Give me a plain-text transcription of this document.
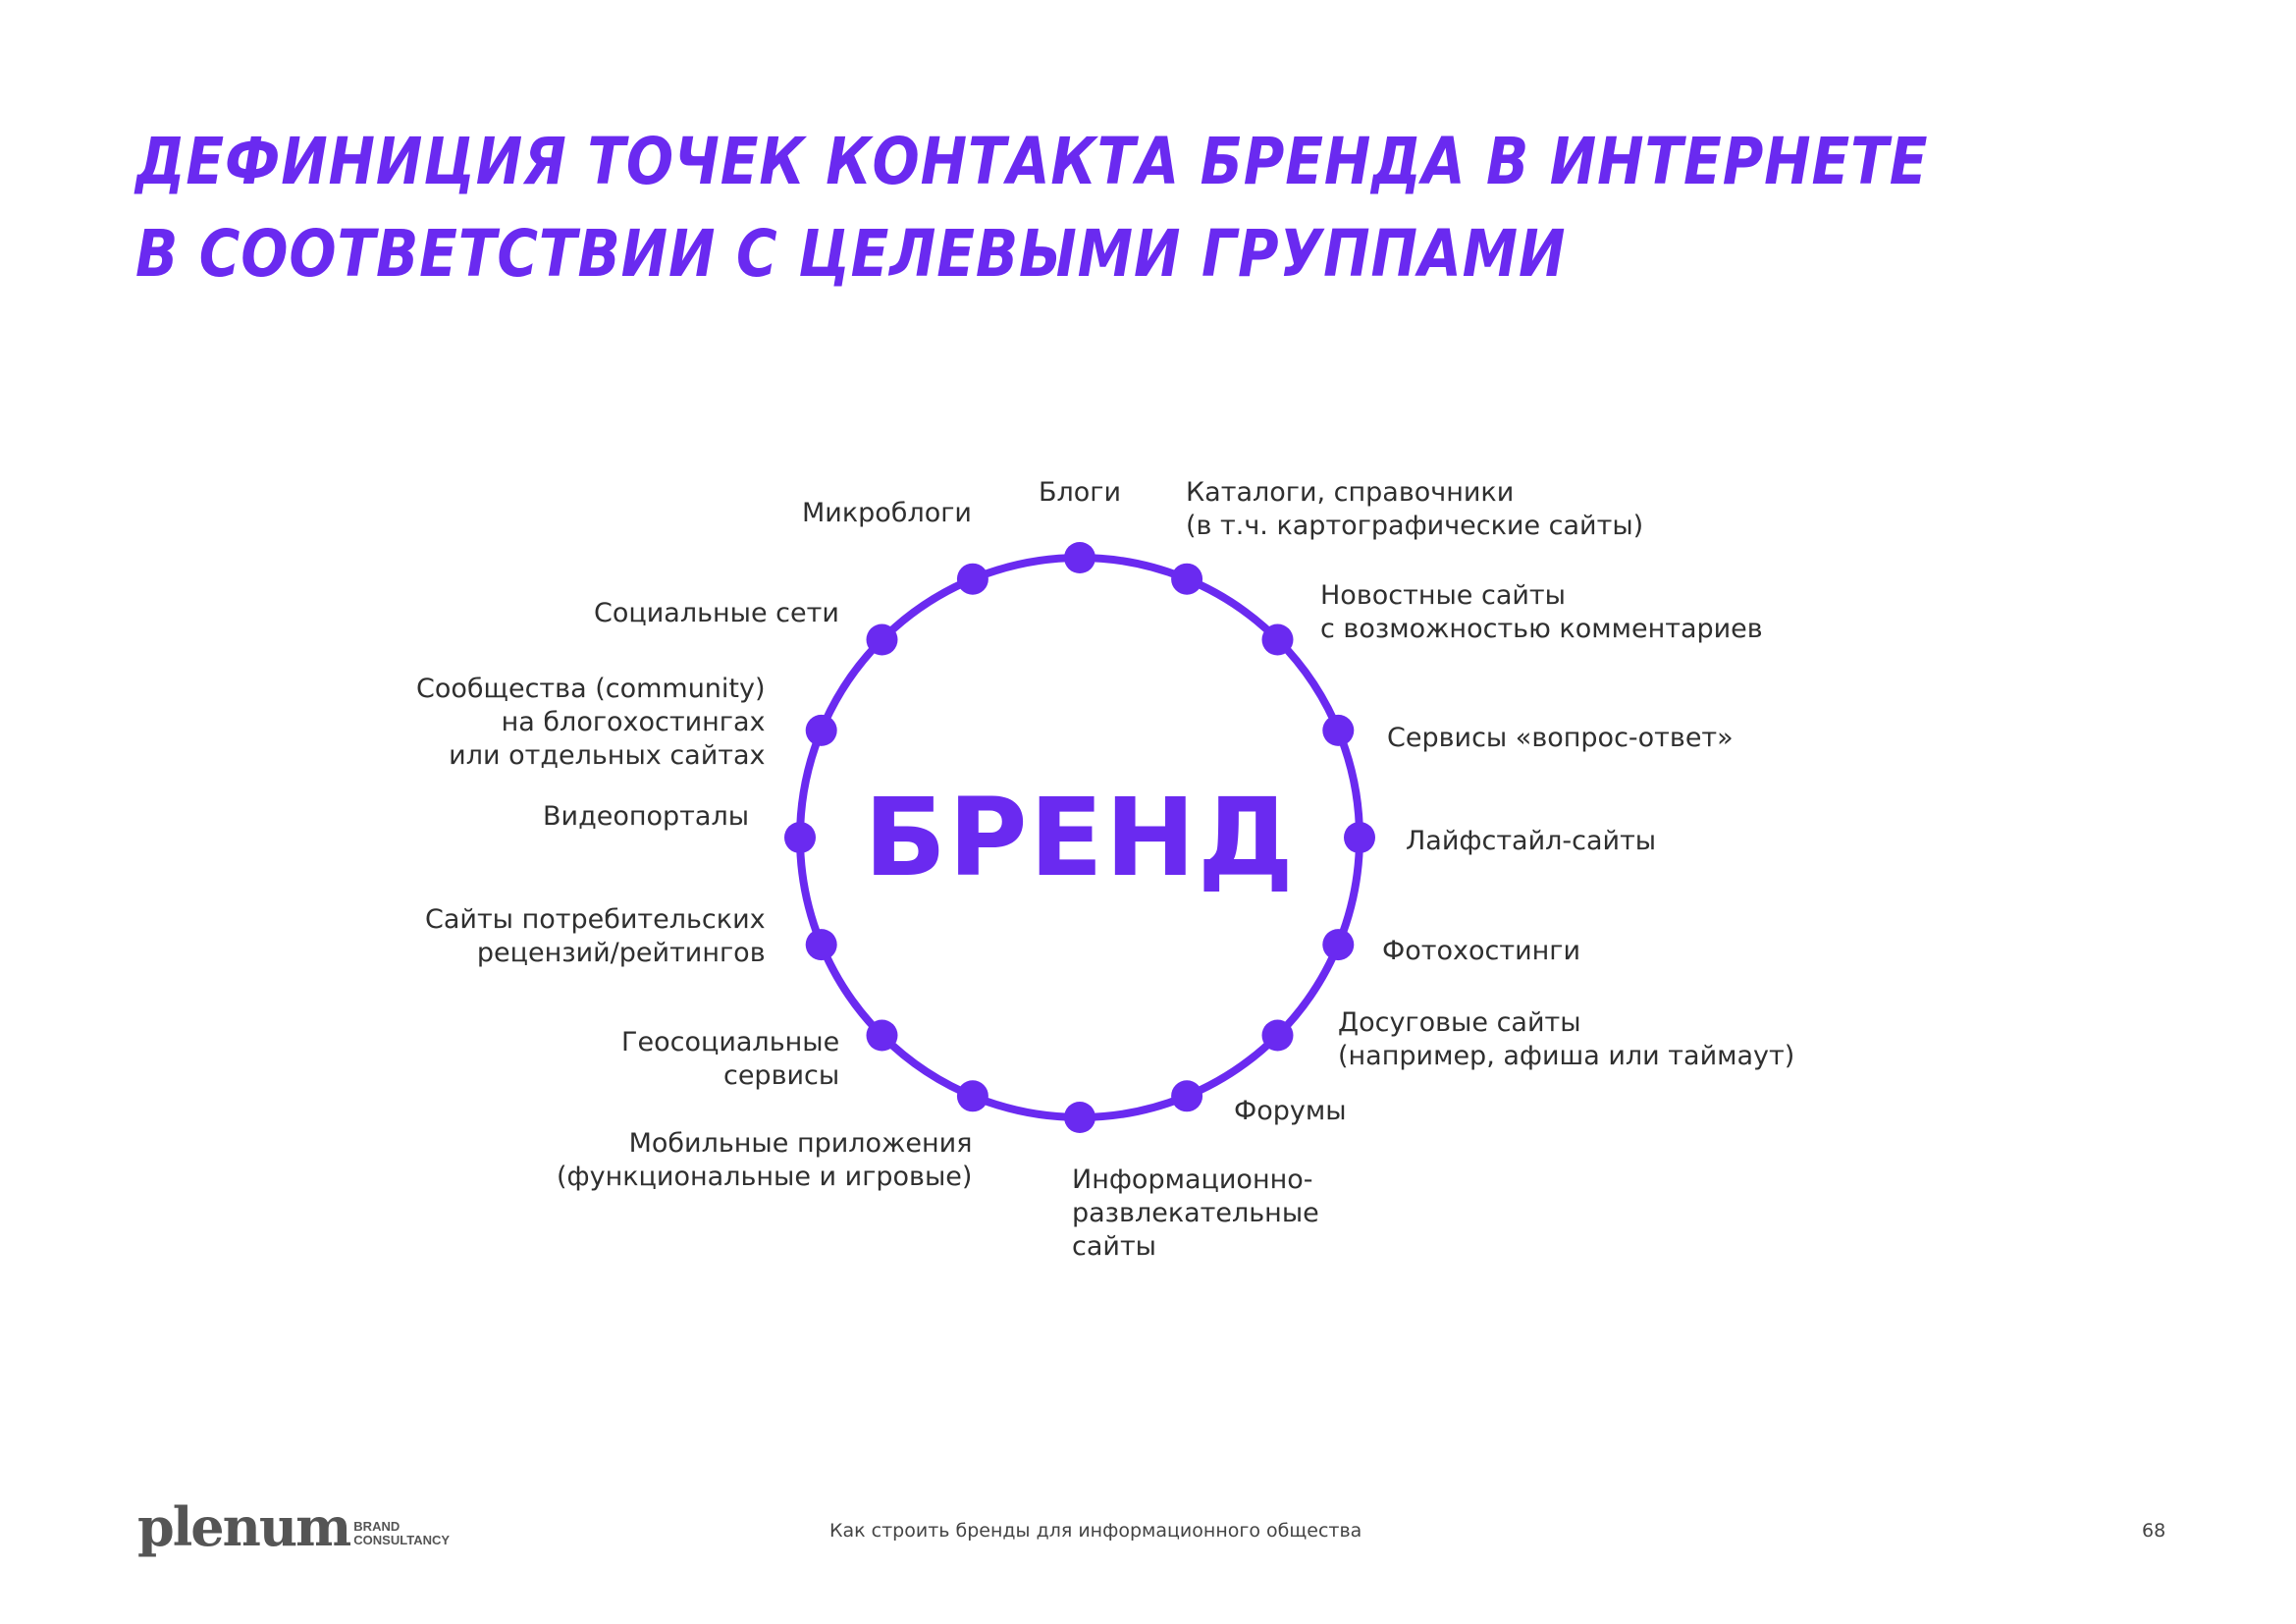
ДЕФИНИЦИЯ ТОЧЕК КОНТАКТА БРЕНДА В ИНТЕРНЕТЕ
В СООТВЕТСТВИИ С ЦЕЛЕВЫМИ ГРУППАМИ
БРЕНД
Блоги Каталоги, справочники
(в т.ч. картографические сайты)
Новостные сайты
с возможностью комментариев
Сервисы «вопрос-ответ»
Лайфстайл-сайты
Фотохостинги
Досуговые сайты
(например, афиша или таймаут)
Форумы
Информационно-
развлекательные
сайты
Мобильные приложения
(функциональные и игровые)
Геосоциальные
сервисы
Сайты потребительских
рецензий/рейтингов
Видеопорталы
Сообщества (community)
на блогохостингах
или отдельных сайтах
Социальные сети
Микроблоги
plenum BRAND
CONSULTANCY	Как строить бренды для информационного общества	68
